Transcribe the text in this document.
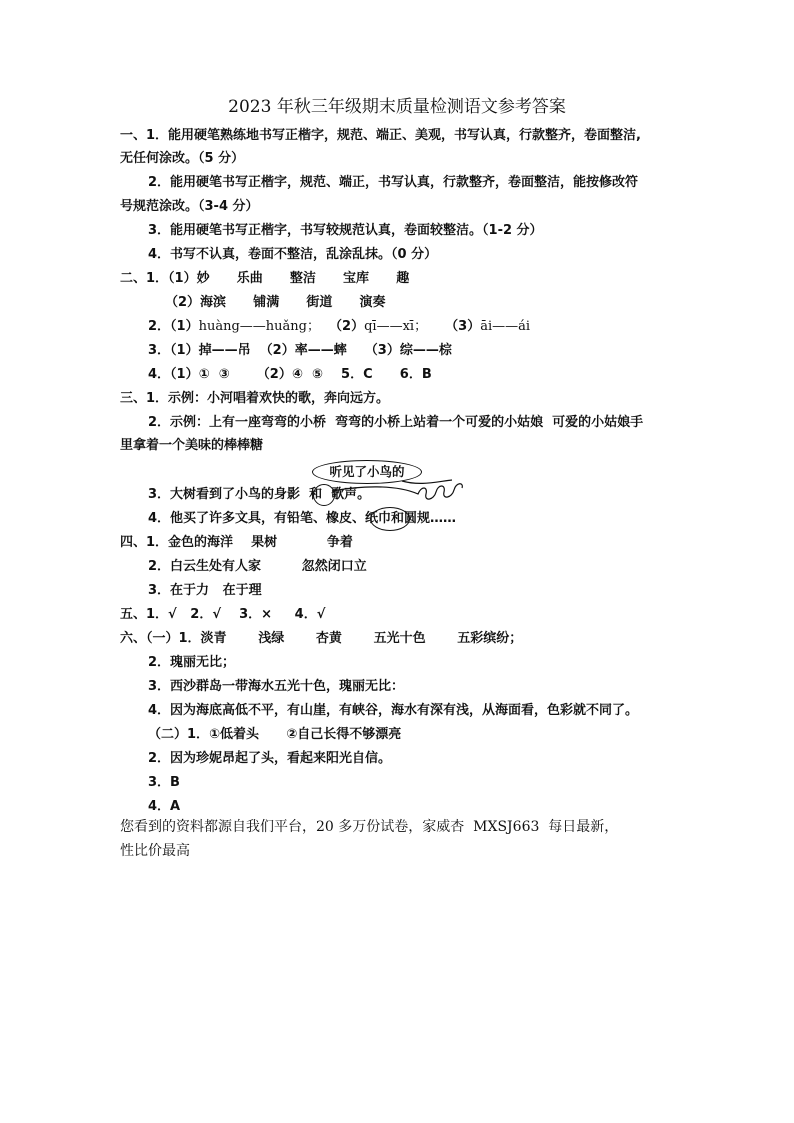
2023 年秋三年级期末质量检测语文参考答案
一、1．能用硬笔熟练地书写正楷字，规范、端正、美观，书写认真，行款整齐，卷面整洁,
无任何涂改。（5 分）
2．能用硬笔书写正楷字，规范、端正，书写认真，行款整齐，卷面整洁，能按修改符
号规范涂改。（3-4 分）
3．能用硬笔书写正楷字，书写较规范认真，卷面较整洁。（1-2 分）
4．书写不认真，卷面不整洁，乱涂乱抹。（0 分）
二、1．（1）妙      乐曲      整洁      宝库      趣
（2）海滨      铺满      街道      演奏
2．（1）huàng——huǎng；  （2）qī——xī；    （3）āi——ái
3．（1）掉——吊  （2）率——蟀    （3）综——棕
4．（1）①  ③      （2）④  ⑤    5．C      6．B
三、1．示例：小河唱着欢快的歌，奔向远方。
2．示例：上有一座弯弯的小桥  弯弯的小桥上站着一个可爱的小姑娘  可爱的小姑娘手
里拿着一个美味的棒棒糖
听见了小鸟的
3．大树看到了小鸟的身影  和  歌声。
4．他买了许多文具，有铅笔、橡皮、纸巾和圆规……
四、1．金色的海洋    果树           争着
2．白云生处有人家         忽然闭口立
3．在于力   在于理
五、1．√   2．√    3．×     4．√
六、（一）1．淡青       浅绿       杏黄       五光十色       五彩缤纷；
2．瑰丽无比；
3．西沙群岛一带海水五光十色，瑰丽无比：
4．因为海底高低不平，有山崖，有峡谷，海水有深有浅，从海面看，色彩就不同了。
（二）1．①低着头      ②自己长得不够漂亮
2．因为珍妮昂起了头，看起来阳光自信。
3．B
4．A
您看到的资料都源自我们平台，20 多万份试卷，家威杏  MXSJ663  每日最新，
性比价最高
